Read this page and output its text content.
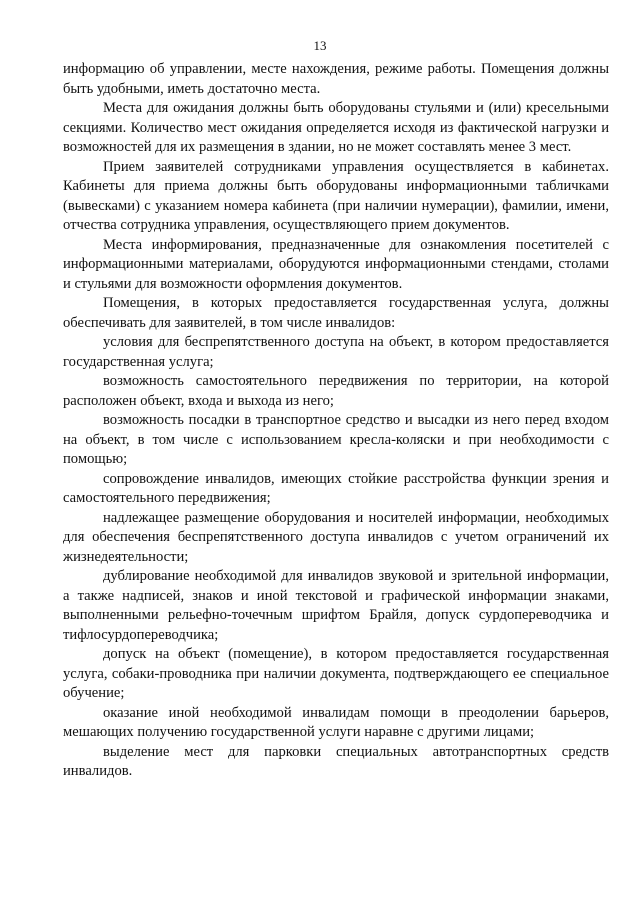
13

информацию об управлении, месте нахождения, режиме работы. Помещения должны быть удобными, иметь достаточно места.

Места для ожидания должны быть оборудованы стульями и (или) кресельными секциями. Количество мест ожидания определяется исходя из фактической нагрузки и возможностей для их размещения в здании, но не может составлять менее 3 мест.

Прием заявителей сотрудниками управления осуществляется в кабинетах. Кабинеты для приема должны быть оборудованы информационными табличками (вывесками) с указанием номера кабинета (при наличии нумерации), фамилии, имени, отчества сотрудника управления, осуществляющего прием документов.

Места информирования, предназначенные для ознакомления посетителей с информационными материалами, оборудуются информационными стендами, столами и стульями для возможности оформления документов.

Помещения, в которых предоставляется государственная услуга, должны обеспечивать для заявителей, в том числе инвалидов:

условия для беспрепятственного доступа на объект, в котором предоставляется государственная услуга;

возможность самостоятельного передвижения по территории, на которой расположен объект, входа и выхода из него;

возможность посадки в транспортное средство и высадки из него перед входом на объект, в том числе с использованием кресла-коляски и при необходимости с помощью;

сопровождение инвалидов, имеющих стойкие расстройства функции зрения и самостоятельного передвижения;

надлежащее размещение оборудования и носителей информации, необходимых для обеспечения беспрепятственного доступа инвалидов с учетом ограничений их жизнедеятельности;

дублирование необходимой для инвалидов звуковой и зрительной информации, а также надписей, знаков и иной текстовой и графической информации знаками, выполненными рельефно-точечным шрифтом Брайля, допуск сурдопереводчика и тифлосурдопереводчика;

допуск на объект (помещение), в котором предоставляется государственная услуга, собаки-проводника при наличии документа, подтверждающего ее специальное обучение;

оказание иной необходимой инвалидам помощи в преодолении барьеров, мешающих получению государственной услуги наравне с другими лицами;

выделение мест для парковки специальных автотранспортных средств инвалидов.
